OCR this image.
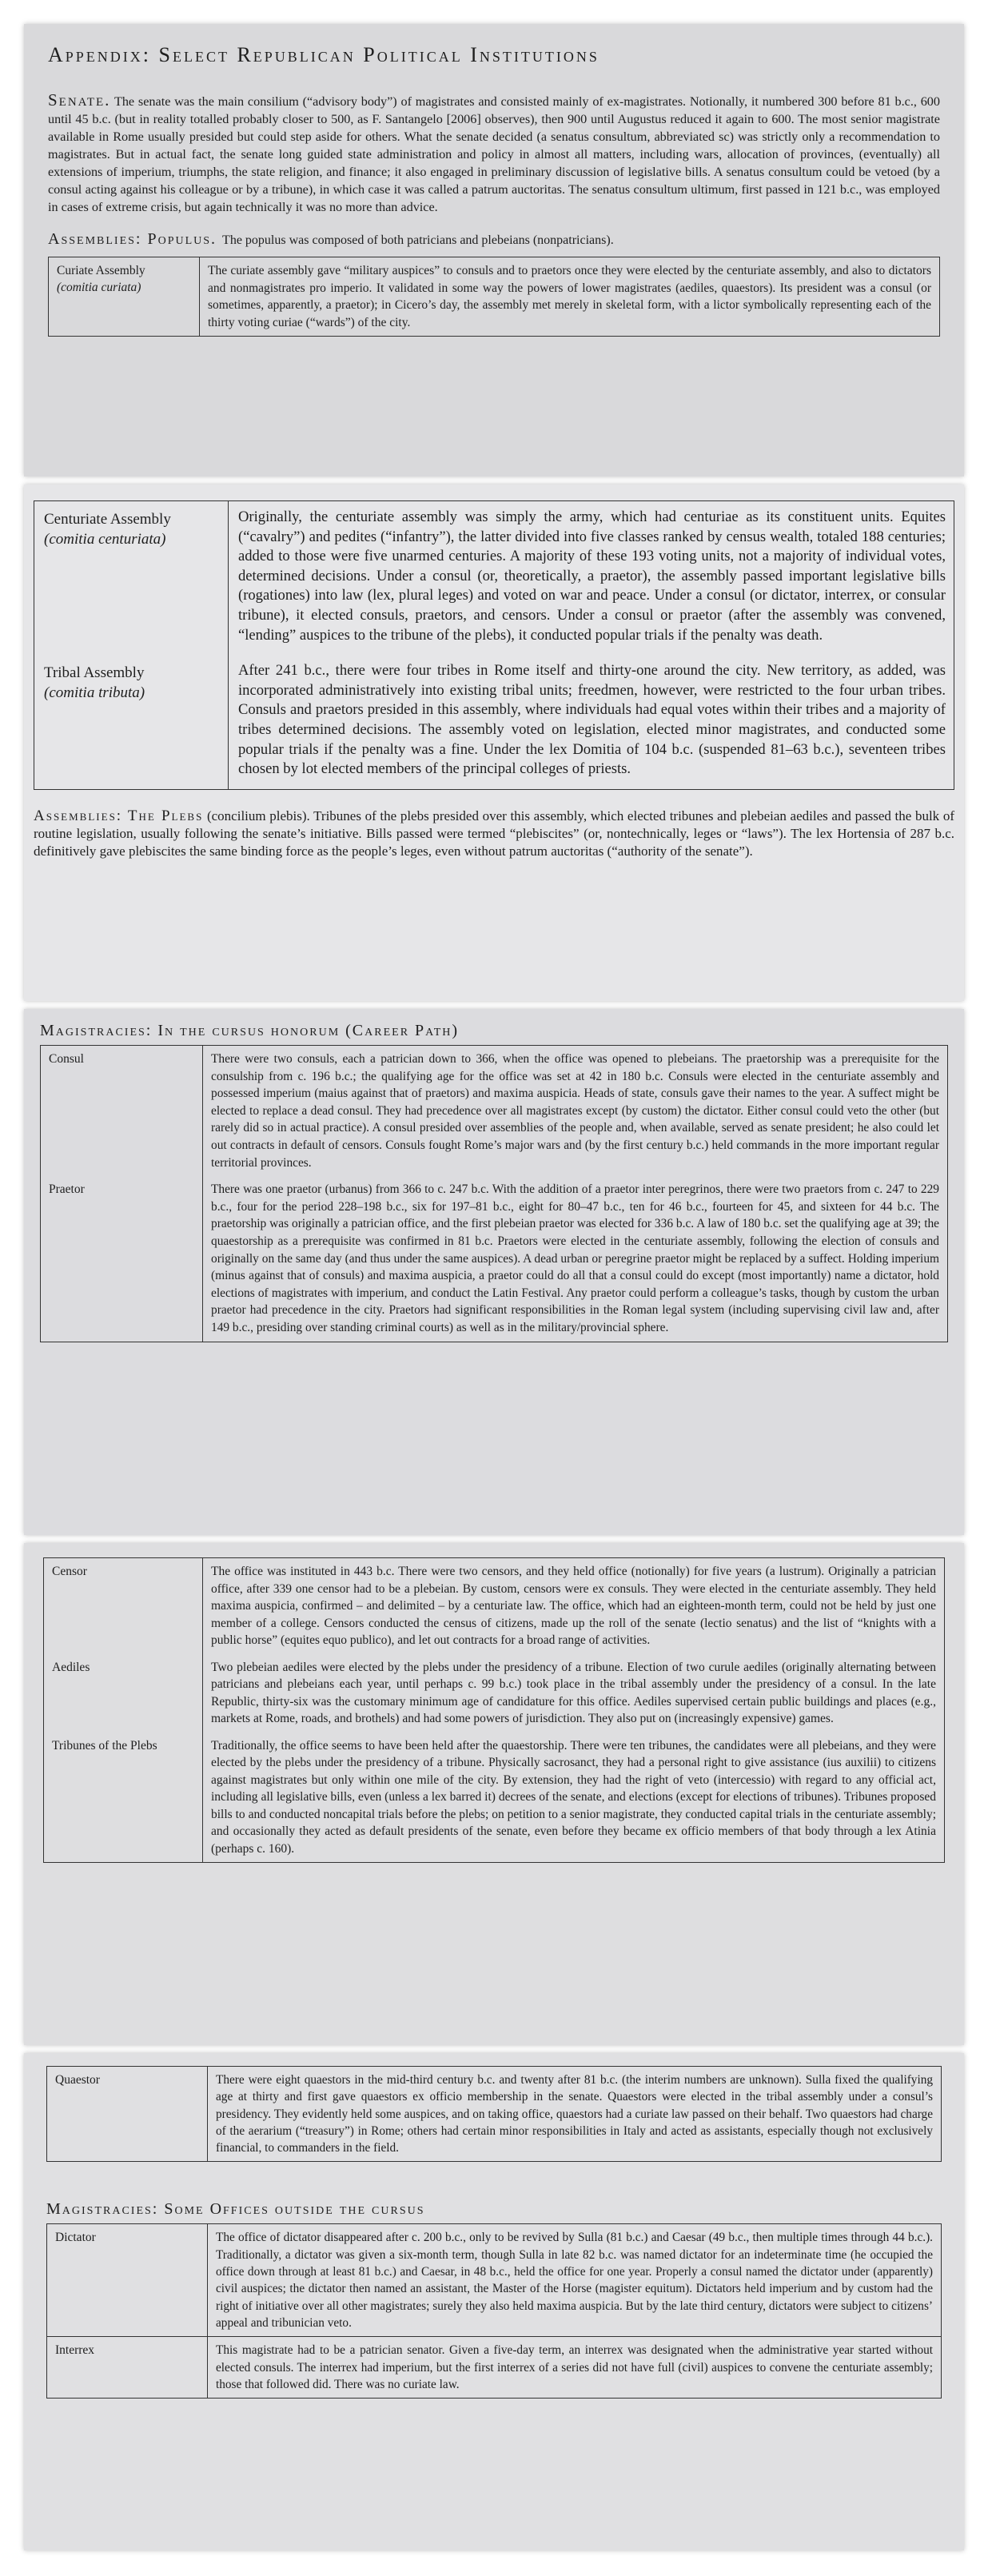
Appendix: Select Republican Political Institutions

Senate. The senate was the main consilium (“advisory body”) of magistrates and consisted mainly of ex-magistrates. Notionally, it numbered 300 before 81 b.c., 600 until 45 b.c. (but in reality totalled probably closer to 500, as F. Santangelo [2006] observes), then 900 until Augustus reduced it again to 600. The most senior magistrate available in Rome usually presided but could step aside for others. What the senate decided (a senatus consultum, abbreviated sc) was strictly only a recommendation to magistrates. But in actual fact, the senate long guided state administration and policy in almost all matters, including wars, allocation of provinces, (eventually) all extensions of imperium, triumphs, the state religion, and finance; it also engaged in preliminary discussion of legislative bills. A senatus consultum could be vetoed (by a consul acting against his colleague or by a tribune), in which case it was called a patrum auctoritas. The senatus consultum ultimum, first passed in 121 b.c., was employed in cases of extreme crisis, but again technically it was no more than advice.

Assemblies: Populus. The populus was composed of both patricians and plebeians (nonpatricians).
Curiate Assembly
(comitia curiata)
	The curiate assembly gave “military auspices” to consuls and to praetors once they were elected by the centuriate assembly, and also to dictators and nonmagistrates pro imperio. It validated in some way the powers of lower magistrates (aediles, quaestors). Its president was a consul (or sometimes, apparently, a praetor); in Cicero’s day, the assembly met merely in skeletal form, with a lictor symbolically representing each of the thirty voting curiae (“wards”) of the city.
Centuriate Assembly
(comitia centuriata)	Originally, the centuriate assembly was simply the army, which had centuriae as its constituent units. Equites (“cavalry”) and pedites (“infantry”), the latter divided into five classes ranked by census wealth, totaled 188 centuries; added to those were five unarmed centuries. A majority of these 193 voting units, not a majority of individual votes, determined decisions. Under a consul (or, theoretically, a praetor), the assembly passed important legislative bills (rogationes) into law (lex, plural leges) and voted on war and peace. Under a consul (or dictator, interrex, or consular tribune), it elected consuls, praetors, and censors. Under a consul or praetor (after the assembly was convened, “lending” auspices to the tribune of the plebs), it conducted popular trials if the penalty was death.

Tribal Assembly
(comitia tributa)	After 241 b.c., there were four tribes in Rome itself and thirty-one around the city. New territory, as added, was incorporated administratively into existing tribal units; freedmen, however, were restricted to the four urban tribes. Consuls and praetors presided in this assembly, where individuals had equal votes within their tribes and a majority of tribes determined decisions. The assembly voted on legislation, elected minor magistrates, and conducted some popular trials if the penalty was a fine. Under the lex Domitia of 104 b.c. (suspended 81–63 b.c.), seventeen tribes chosen by lot elected members of the principal colleges of priests.

Assemblies: The Plebs (concilium plebis). Tribunes of the plebs presided over this assembly, which elected tribunes and plebeian aediles and passed the bulk of routine legislation, usually following the senate’s initiative. Bills passed were termed “plebiscites” (or, nontechnically, leges or “laws”). The lex Hortensia of 287 b.c. definitively gave plebiscites the same binding force as the people’s leges, even without patrum auctoritas (“authority of the senate”).

Magistracies: In the cursus honorum (Career Path)
Consul	There were two consuls, each a patrician down to 366, when the office was opened to plebeians. The praetorship was a prerequisite for the consulship from c. 196 b.c.; the qualifying age for the office was set at 42 in 180 b.c. Consuls were elected in the centuriate assembly and possessed imperium (maius against that of praetors) and maxima auspicia. Heads of state, consuls gave their names to the year. A suffect might be elected to replace a dead consul. They had precedence over all magistrates except (by custom) the dictator. Either consul could veto the other (but rarely did so in actual practice). A consul presided over assemblies of the people and, when available, served as senate president; he also could let out contracts in default of censors. Consuls fought Rome’s major wars and (by the first century b.c.) held commands in the more important regular territorial provinces.
Praetor	There was one praetor (urbanus) from 366 to c. 247 b.c. With the addition of a praetor inter peregrinos, there were two praetors from c. 247 to 229 b.c., four for the period 228–198 b.c., six for 197–81 b.c., eight for 80–47 b.c., ten for 46 b.c., fourteen for 45, and sixteen for 44 b.c. The praetorship was originally a patrician office, and the first plebeian praetor was elected for 336 b.c. A law of 180 b.c. set the qualifying age at 39; the quaestorship as a prerequisite was confirmed in 81 b.c. Praetors were elected in the centuriate assembly, following the election of consuls and originally on the same day (and thus under the same auspices). A dead urban or peregrine praetor might be replaced by a suffect. Holding imperium (minus against that of consuls) and maxima auspicia, a praetor could do all that a consul could do except (most importantly) name a dictator, hold elections of magistrates with imperium, and conduct the Latin Festival. Any praetor could perform a colleague’s tasks, though by custom the urban praetor had precedence in the city. Praetors had significant responsibilities in the Roman legal system (including supervising civil law and, after 149 b.c., presiding over standing criminal courts) as well as in the military/provincial sphere.
Censor	The office was instituted in 443 b.c. There were two censors, and they held office (notionally) for five years (a lustrum). Originally a patrician office, after 339 one censor had to be a plebeian. By custom, censors were ex consuls. They were elected in the centuriate assembly. They held maxima auspicia, confirmed – and delimited – by a centuriate law. The office, which had an eighteen-month term, could not be held by just one member of a college. Censors conducted the census of citizens, made up the roll of the senate (lectio senatus) and the list of “knights with a public horse” (equites equo publico), and let out contracts for a broad range of activities.
Aediles	Two plebeian aediles were elected by the plebs under the presidency of a tribune. Election of two curule aediles (originally alternating between patricians and plebeians each year, until perhaps c. 99 b.c.) took place in the tribal assembly under the presidency of a consul. In the late Republic, thirty-six was the customary minimum age of candidature for this office. Aediles supervised certain public buildings and places (e.g., markets at Rome, roads, and brothels) and had some powers of jurisdiction. They also put on (increasingly expensive) games.
Tribunes of the Plebs	Traditionally, the office seems to have been held after the quaestorship. There were ten tribunes, the candidates were all plebeians, and they were elected by the plebs under the presidency of a tribune. Physically sacrosanct, they had a personal right to give assistance (ius auxilii) to citizens against magistrates but only within one mile of the city. By extension, they had the right of veto (intercessio) with regard to any official act, including all legislative bills, even (unless a lex barred it) decrees of the senate, and elections (except for elections of tribunes). Tribunes proposed bills to and conducted noncapital trials before the plebs; on petition to a senior magistrate, they conducted capital trials in the centuriate assembly; and occasionally they acted as default presidents of the senate, even before they became ex officio members of that body through a lex Atinia (perhaps c. 160).
Quaestor	There were eight quaestors in the mid-third century b.c. and twenty after 81 b.c. (the interim numbers are unknown). Sulla fixed the qualifying age at thirty and first gave quaestors ex officio membership in the senate. Quaestors were elected in the tribal assembly under a consul’s presidency. They evidently held some auspices, and on taking office, quaestors had a curiate law passed on their behalf. Two quaestors had charge of the aerarium (“treasury”) in Rome; others had certain minor responsibilities in Italy and acted as assistants, especially though not exclusively financial, to commanders in the field.
Magistracies: Some Offices outside the cursus
Dictator	The office of dictator disappeared after c. 200 b.c., only to be revived by Sulla (81 b.c.) and Caesar (49 b.c., then multiple times through 44 b.c.). Traditionally, a dictator was given a six-month term, though Sulla in late 82 b.c. was named dictator for an indeterminate time (he occupied the office down through at least 81 b.c.) and Caesar, in 48 b.c., held the office for one year. Properly a consul named the dictator under (apparently) civil auspices; the dictator then named an assistant, the Master of the Horse (magister equitum). Dictators held imperium and by custom had the right of initiative over all other magistrates; surely they also held maxima auspicia. But by the late third century, dictators were subject to citizens’ appeal and tribunician veto.
Interrex	This magistrate had to be a patrician senator. Given a five-day term, an interrex was designated when the administrative year started without elected consuls. The interrex had imperium, but the first interrex of a series did not have full (civil) auspices to convene the centuriate assembly; those that followed did. There was no curiate law.
